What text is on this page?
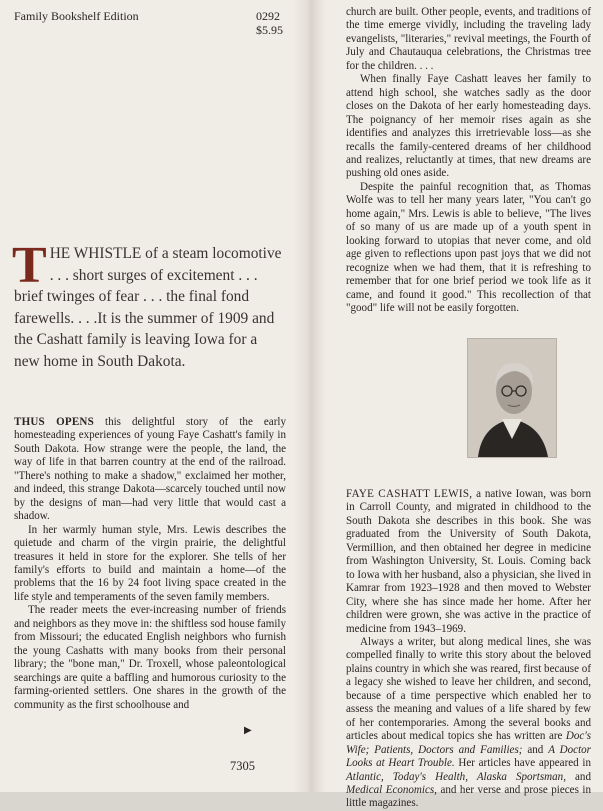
Family Bookshelf Edition	0292
$5.95
THE WHISTLE of a steam locomotive . . . short surges of excitement . . . brief twinges of fear . . . the final fond farewells. . . .It is the summer of 1909 and the Cashatt family is leaving Iowa for a new home in South Dakota.

THUS OPENS this delightful story of the early homesteading experiences of young Faye Cashatt's family in South Dakota. How strange were the people, the land, the way of life in that barren country at the end of the railroad. "There's nothing to make a shadow," exclaimed her mother, and indeed, this strange Dakota—scarcely touched until now by the designs of man—had very little that would cast a shadow.

In her warmly human style, Mrs. Lewis describes the quietude and charm of the virgin prairie, the delightful treasures it held in store for the explorer. She tells of her family's efforts to build and maintain a home—of the problems that the 16 by 24 foot living space created in the life style and temperaments of the seven family members.

The reader meets the ever-increasing number of friends and neighbors as they move in: the shiftless sod house family from Missouri; the educated English neighbors who furnish the young Cashatts with many books from their personal library; the "bone man," Dr. Troxell, whose paleontological searchings are quite a baffling and humorous curiosity to the farming-oriented settlers. One shares in the growth of the community as the first schoolhouse and

▶
7305

church are built. Other people, events, and traditions of the time emerge vividly, including the traveling lady evangelists, "literaries," revival meetings, the Fourth of July and Chautauqua celebrations, the Christmas tree for the children. . . .

When finally Faye Cashatt leaves her family to attend high school, she watches sadly as the door closes on the Dakota of her early homesteading days. The poignancy of her memoir rises again as she identifies and analyzes this irretrievable loss—as she recalls the family-centered dreams of her childhood and realizes, reluctantly at times, that new dreams are pushing old ones aside.

Despite the painful recognition that, as Thomas Wolfe was to tell her many years later, "You can't go home again," Mrs. Lewis is able to believe, "The lives of so many of us are made up of a youth spent in looking forward to utopias that never come, and old age given to reflections upon past joys that we did not recognize when we had them, that it is refreshing to remember that for one brief period we took life as it came, and found it good." This recollection of that "good" life will not be easily forgotten.

FAYE CASHATT LEWIS, a native Iowan, was born in Carroll County, and migrated in childhood to the South Dakota she describes in this book. She was graduated from the University of South Dakota, Vermillion, and then obtained her degree in medicine from Washington University, St. Louis. Coming back to Iowa with her husband, also a physician, she lived in Kamrar from 1923–1928 and then moved to Webster City, where she has since made her home. After her children were grown, she was active in the practice of medicine from 1943–1969.

Always a writer, but along medical lines, she was compelled finally to write this story about the beloved plains country in which she was reared, first because of a legacy she wished to leave her children, and second, because of a time perspective which enabled her to assess the meaning and values of a life shared by few of her contemporaries. Among the several books and articles about medical topics she has written are Doc's Wife; Patients, Doctors and Families; and A Doctor Looks at Heart Trouble. Her articles have appeared in Atlantic, Today's Health, Alaska Sportsman, and Medical Economics, and her verse and prose pieces in little magazines.
